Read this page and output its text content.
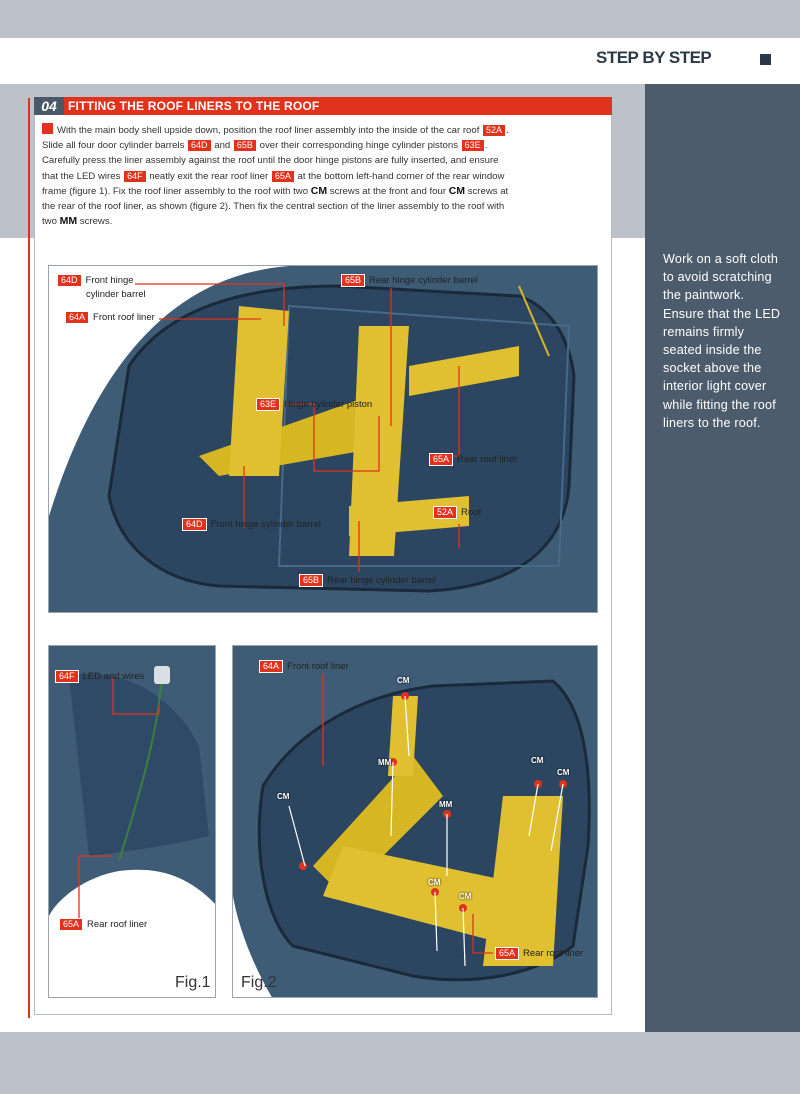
STEP BY STEP
04 FITTING THE ROOF LINERS TO THE ROOF
With the main body shell upside down, position the roof liner assembly into the inside of the car roof 52A . Slide all four door cylinder barrels 64D and 65B over their corresponding hinge cylinder pistons 63E . Carefully press the liner assembly against the roof until the door hinge pistons are fully inserted, and ensure that the LED wires 64F neatly exit the rear roof liner 65A at the bottom left-hand corner of the rear window frame (figure 1). Fix the roof liner assembly to the roof with two CM screws at the front and four CM screws at the rear of the roof liner, as shown (figure 2). Then fix the central section of the liner assembly to the roof with two MM screws.
Work on a soft cloth to avoid scratching the paintwork. Ensure that the LED remains firmly seated inside the socket above the interior light cover while fitting the roof liners to the roof.
64D Front hinge
cylinder barrel
64A Front roof liner
65B Rear hinge cylinder barrel
63E Hinge cylinder piston
65A Rear roof liner
52A Roof
64D Front hinge cylinder barrel
65B Rear hinge cylinder barrel
64F LED and wires
65A Rear roof liner
Fig.1
64A Front roof liner
65A Rear roof liner
CM
MM
CM
CM
CM
MM
CM
CM
Fig.2
